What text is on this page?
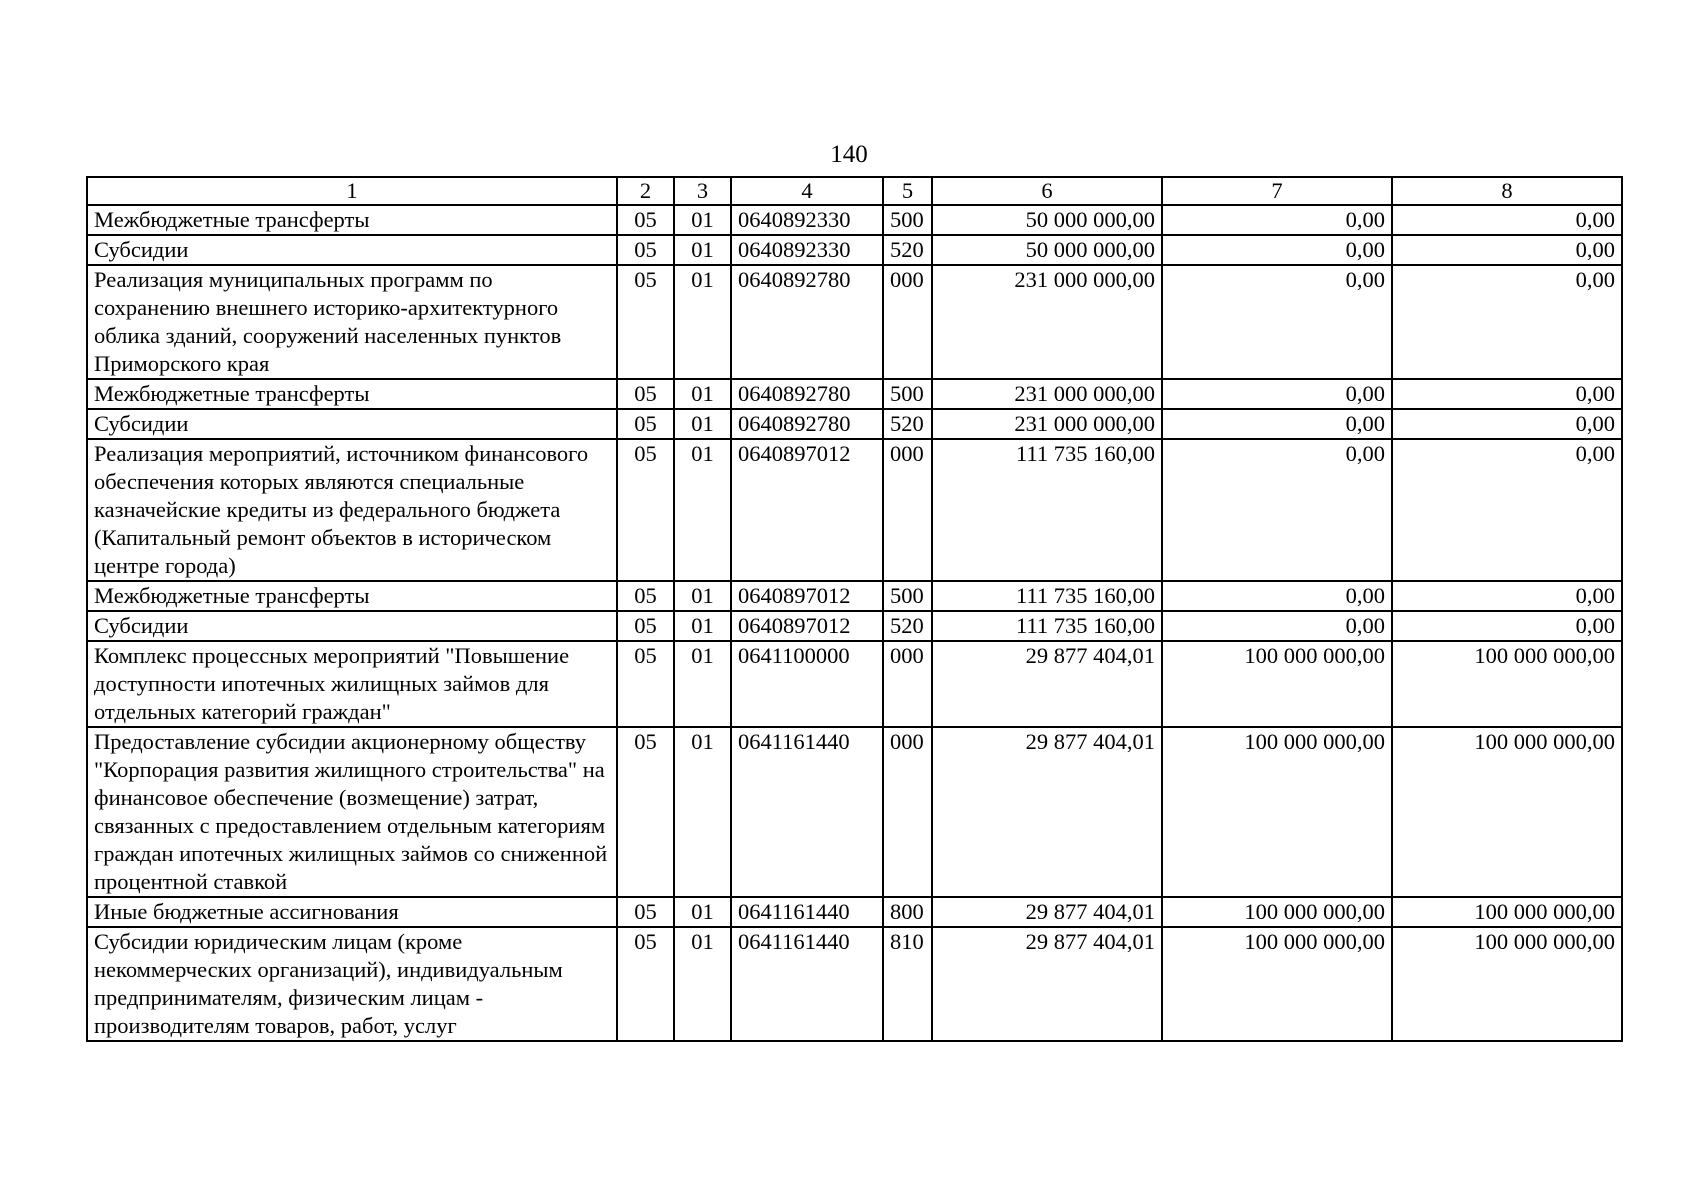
140
1	2	3	4	5	6	7	8
Межбюджетные трансферты	05	01	0640892330	500	50 000 000,00	0,00	0,00
Субсидии	05	01	0640892330	520	50 000 000,00	0,00	0,00
Реализация муниципальных программ по сохранению внешнего историко-архитектурного облика зданий, сооружений населенных пунктов Приморского края	05	01	0640892780	000	231 000 000,00	0,00	0,00
Межбюджетные трансферты	05	01	0640892780	500	231 000 000,00	0,00	0,00
Субсидии	05	01	0640892780	520	231 000 000,00	0,00	0,00
Реализация мероприятий, источником финансового обеспечения которых являются специальные казначейские кредиты из федерального бюджета (Капитальный ремонт объектов в историческом центре города)	05	01	0640897012	000	111 735 160,00	0,00	0,00
Межбюджетные трансферты	05	01	0640897012	500	111 735 160,00	0,00	0,00
Субсидии	05	01	0640897012	520	111 735 160,00	0,00	0,00
Комплекс процессных мероприятий "Повышение доступности ипотечных жилищных займов для отдельных категорий граждан"	05	01	0641100000	000	29 877 404,01	100 000 000,00	100 000 000,00
Предоставление субсидии акционерному обществу "Корпорация развития жилищного строительства" на финансовое обеспечение (возмещение) затрат, связанных с предоставлением отдельным категориям граждан ипотечных жилищных займов со сниженной процентной ставкой	05	01	0641161440	000	29 877 404,01	100 000 000,00	100 000 000,00
Иные бюджетные ассигнования	05	01	0641161440	800	29 877 404,01	100 000 000,00	100 000 000,00
Субсидии юридическим лицам (кроме некоммерческих организаций), индивидуальным предпринимателям, физическим лицам - производителям товаров, работ, услуг	05	01	0641161440	810	29 877 404,01	100 000 000,00	100 000 000,00
